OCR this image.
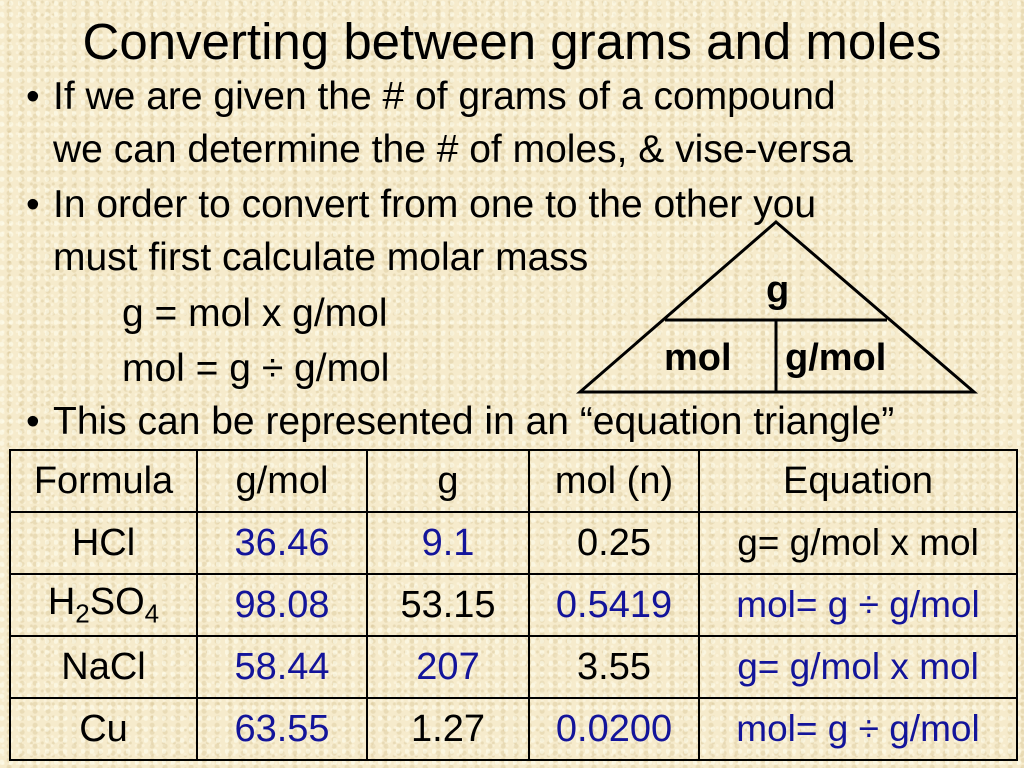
Converting between grams and moles
• If we are given the # of grams of a compound
we can determine the # of moles, & vise-versa
• In order to convert from one to the other you
must first calculate molar mass
g = mol x g/mol
mol = g ÷ g/mol
g
mol g/mol
• This can be represented in an “equation triangle”
Formula	g/mol	g	mol (n)	Equation
HCl	36.46	9.1	0.25	g= g/mol x mol
$H_2SO_4$	98.08	53.15	0.5419	mol= g ÷ g/mol
NaCl	58.44	207	3.55	g= g/mol x mol
Cu	63.55	1.27	0.0200	mol= g ÷ g/mol
